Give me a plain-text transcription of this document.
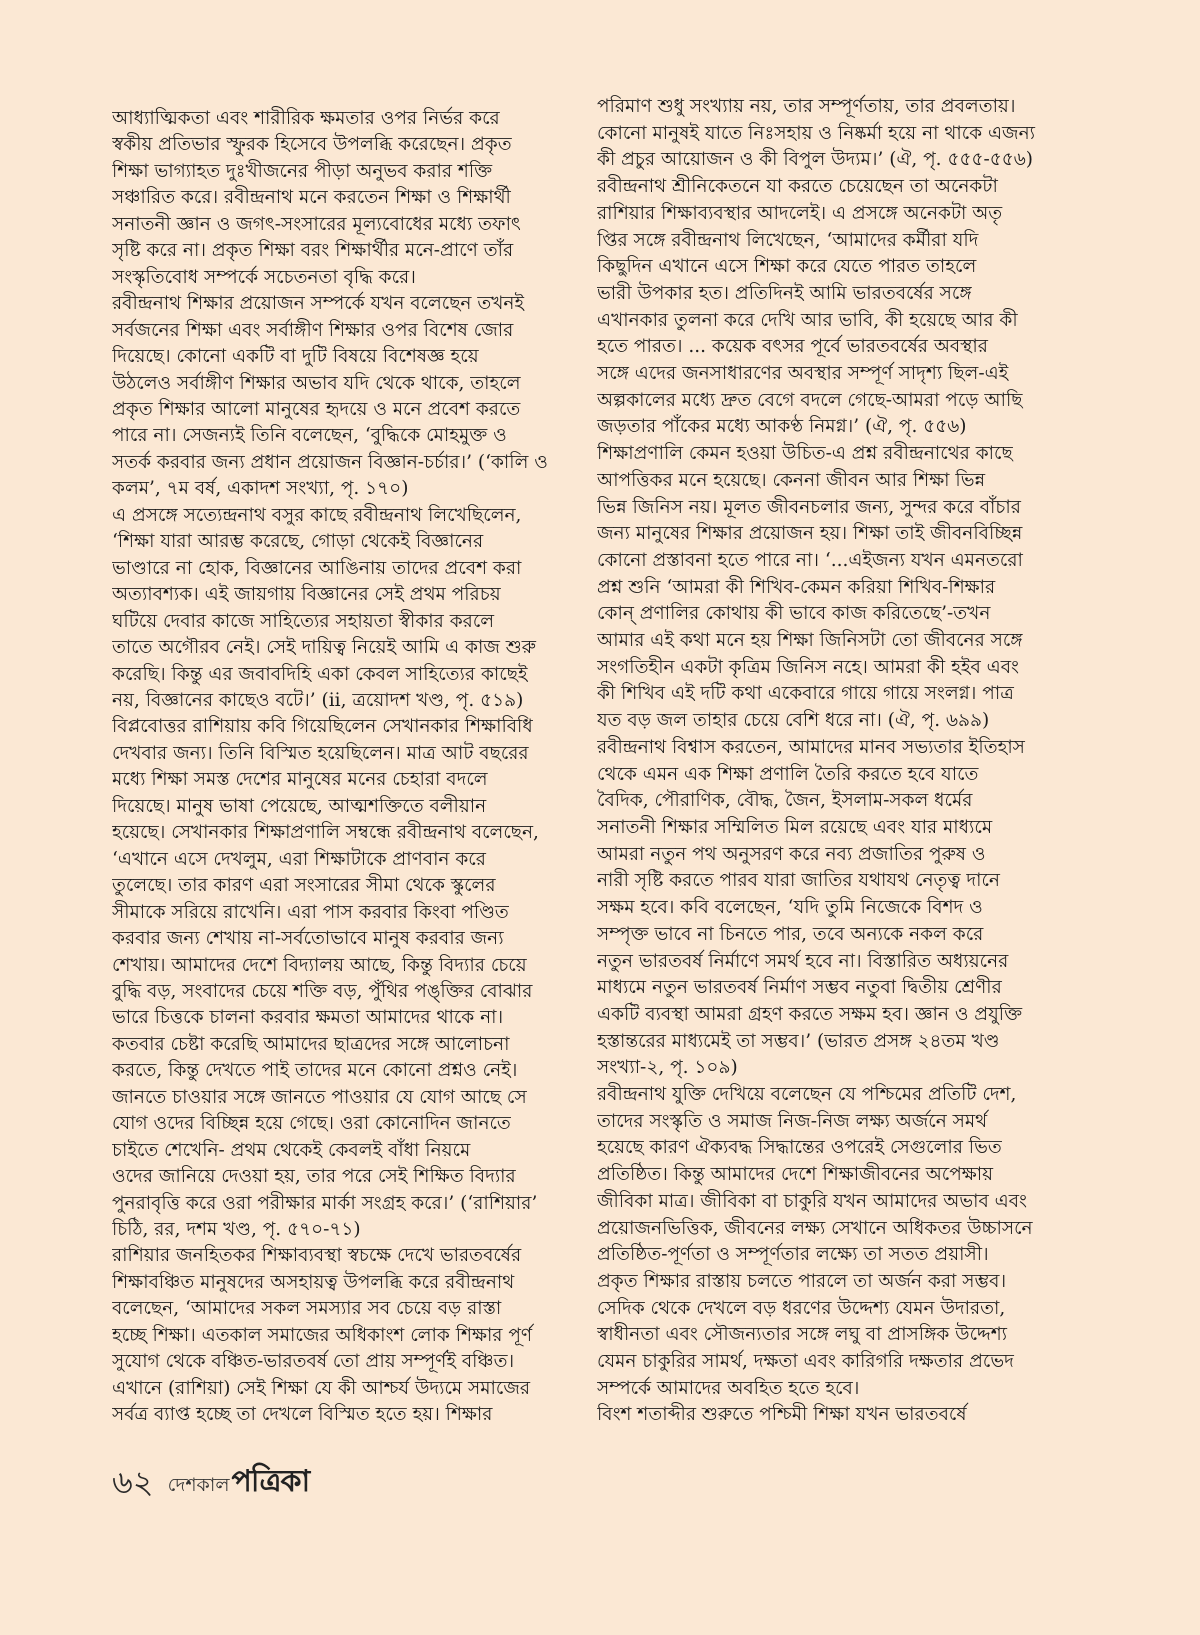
আধ্যাত্মিকতা এবং শারীরিক ক্ষমতার ওপর নির্ভর করে
স্বকীয় প্রতিভার স্ফুরক হিসেবে উপলব্ধি করেছেন। প্রকৃত
শিক্ষা ভাগ্যাহত দুঃখীজনের পীড়া অনুভব করার শক্তি
সঞ্চারিত করে। রবীন্দ্রনাথ মনে করতেন শিক্ষা ও শিক্ষার্থী
সনাতনী জ্ঞান ও জগৎ-সংসারের মূল্যবোধের মধ্যে তফাৎ
সৃষ্টি করে না। প্রকৃত শিক্ষা বরং শিক্ষার্থীর মনে-প্রাণে তাঁর
সংস্কৃতিবোধ সম্পর্কে সচেতনতা বৃদ্ধি করে।
রবীন্দ্রনাথ শিক্ষার প্রয়োজন সম্পর্কে যখন বলেছেন তখনই
সর্বজনের শিক্ষা এবং সর্বাঙ্গীণ শিক্ষার ওপর বিশেষ জোর
দিয়েছে। কোনো একটি বা দুটি বিষয়ে বিশেষজ্ঞ হয়ে
উঠলেও সর্বাঙ্গীণ শিক্ষার অভাব যদি থেকে থাকে, তাহলে
প্রকৃত শিক্ষার আলো মানুষের হৃদয়ে ও মনে প্রবেশ করতে
পারে না। সেজন্যই তিনি বলেছেন, ‘বুদ্ধিকে মোহমুক্ত ও
সতর্ক করবার জন্য প্রধান প্রয়োজন বিজ্ঞান-চর্চার।’ (‘কালি ও
কলম’, ৭ম বর্ষ, একাদশ সংখ্যা, পৃ. ১৭০)
এ প্রসঙ্গে সত্যেন্দ্রনাথ বসুর কাছে রবীন্দ্রনাথ লিখেছিলেন,
‘শিক্ষা যারা আরম্ভ করেছে, গোড়া থেকেই বিজ্ঞানের
ভাণ্ডারে না হোক, বিজ্ঞানের আঙিনায় তাদের প্রবেশ করা
অত্যাবশ্যক। এই জায়গায় বিজ্ঞানের সেই প্রথম পরিচয়
ঘটিয়ে দেবার কাজে সাহিত্যের সহায়তা স্বীকার করলে
তাতে অগৌরব নেই। সেই দায়িত্ব নিয়েই আমি এ কাজ শুরু
করেছি। কিন্তু এর জবাবদিহি একা কেবল সাহিত্যের কাছেই
নয়, বিজ্ঞানের কাছেও বটে।’ (ii, ত্রয়োদশ খণ্ড, পৃ. ৫১৯)
বিপ্লবোত্তর রাশিয়ায় কবি গিয়েছিলেন সেখানকার শিক্ষাবিধি
দেখবার জন্য। তিনি বিস্মিত হয়েছিলেন। মাত্র আট বছরের
মধ্যে শিক্ষা সমস্ত দেশের মানুষের মনের চেহারা বদলে
দিয়েছে। মানুষ ভাষা পেয়েছে, আত্মশক্তিতে বলীয়ান
হয়েছে। সেখানকার শিক্ষাপ্রণালি সম্বন্ধে রবীন্দ্রনাথ বলেছেন,
‘এখানে এসে দেখলুম, এরা শিক্ষাটাকে প্রাণবান করে
তুলেছে। তার কারণ এরা সংসারের সীমা থেকে স্কুলের
সীমাকে সরিয়ে রাখেনি। এরা পাস করবার কিংবা পণ্ডিত
করবার জন্য শেখায় না-সর্বতোভাবে মানুষ করবার জন্য
শেখায়। আমাদের দেশে বিদ্যালয় আছে, কিন্তু বিদ্যার চেয়ে
বুদ্ধি বড়, সংবাদের চেয়ে শক্তি বড়, পুঁথির পঙ্‌ক্তির বোঝার
ভারে চিত্তকে চালনা করবার ক্ষমতা আমাদের থাকে না।
কতবার চেষ্টা করেছি আমাদের ছাত্রদের সঙ্গে আলোচনা
করতে, কিন্তু দেখতে পাই তাদের মনে কোনো প্রশ্নও নেই।
জানতে চাওয়ার সঙ্গে জানতে পাওয়ার যে যোগ আছে সে
যোগ ওদের বিচ্ছিন্ন হয়ে গেছে। ওরা কোনোদিন জানতে
চাইতে শেখেনি- প্রথম থেকেই কেবলই বাঁধা নিয়মে
ওদের জানিয়ে দেওয়া হয়, তার পরে সেই শিক্ষিত বিদ্যার
পুনরাবৃত্তি করে ওরা পরীক্ষার মার্কা সংগ্রহ করে।’ (‘রাশিয়ার’
চিঠি, রর, দশম খণ্ড, পৃ. ৫৭০-৭১)
রাশিয়ার জনহিতকর শিক্ষাব্যবস্থা স্বচক্ষে দেখে ভারতবর্ষের
শিক্ষাবঞ্চিত মানুষদের অসহায়ত্ব উপলব্ধি করে রবীন্দ্রনাথ
বলেছেন, ‘আমাদের সকল সমস্যার সব চেয়ে বড় রাস্তা
হচ্ছে শিক্ষা। এতকাল সমাজের অধিকাংশ লোক শিক্ষার পূর্ণ
সুযোগ থেকে বঞ্চিত-ভারতবর্ষ তো প্রায় সম্পূর্ণই বঞ্চিত।
এখানে (রাশিয়া) সেই শিক্ষা যে কী আশ্চর্য উদ্যমে সমাজের
সর্বত্র ব্যাপ্ত হচ্ছে তা দেখলে বিস্মিত হতে হয়। শিক্ষার
পরিমাণ শুধু সংখ্যায় নয়, তার সম্পূর্ণতায়, তার প্রবলতায়।
কোনো মানুষই যাতে নিঃসহায় ও নিষ্কর্মা হয়ে না থাকে এজন্য
কী প্রচুর আয়োজন ও কী বিপুল উদ্যম।’ (ঐ, পৃ. ৫৫৫-৫৫৬)
রবীন্দ্রনাথ শ্রীনিকেতনে যা করতে চেয়েছেন তা অনেকটা
রাশিয়ার শিক্ষাব্যবস্থার আদলেই। এ প্রসঙ্গে অনেকটা অতৃ
প্তির সঙ্গে রবীন্দ্রনাথ লিখেছেন, ‘আমাদের কর্মীরা যদি
কিছুদিন এখানে এসে শিক্ষা করে যেতে পারত তাহলে
ভারী উপকার হত। প্রতিদিনই আমি ভারতবর্ষের সঙ্গে
এখানকার তুলনা করে দেখি আর ভাবি, কী হয়েছে আর কী
হতে পারত। ... কয়েক বৎসর পূর্বে ভারতবর্ষের অবস্থার
সঙ্গে এদের জনসাধারণের অবস্থার সম্পূর্ণ সাদৃশ্য ছিল-এই
অল্পকালের মধ্যে দ্রুত বেগে বদলে গেছে-আমরা পড়ে আছি
জড়তার পাঁকের মধ্যে আকণ্ঠ নিমগ্ন।’ (ঐ, পৃ. ৫৫৬)
শিক্ষাপ্রণালি কেমন হওয়া উচিত-এ প্রশ্ন রবীন্দ্রনাথের কাছে
আপত্তিকর মনে হয়েছে। কেননা জীবন আর শিক্ষা ভিন্ন
ভিন্ন জিনিস নয়। মূলত জীবনচলার জন্য, সুন্দর করে বাঁচার
জন্য মানুষের শিক্ষার প্রয়োজন হয়। শিক্ষা তাই জীবনবিচ্ছিন্ন
কোনো প্রস্তাবনা হতে পারে না। ‘...এইজন্য যখন এমনতরো
প্রশ্ন শুনি ‘আমরা কী শিখিব-কেমন করিয়া শিখিব-শিক্ষার
কোন্ প্রণালির কোথায় কী ভাবে কাজ করিতেছে’-তখন
আমার এই কথা মনে হয় শিক্ষা জিনিসটা তো জীবনের সঙ্গে
সংগতিহীন একটা কৃত্রিম জিনিস নহে। আমরা কী হইব এবং
কী শিখিব এই দটি কথা একেবারে গায়ে গায়ে সংলগ্ন। পাত্র
যত বড় জল তাহার চেয়ে বেশি ধরে না। (ঐ, পৃ. ৬৯৯)
রবীন্দ্রনাথ বিশ্বাস করতেন, আমাদের মানব সভ্যতার ইতিহাস
থেকে এমন এক শিক্ষা প্রণালি তৈরি করতে হবে যাতে
বৈদিক, পৌরাণিক, বৌদ্ধ, জৈন, ইসলাম-সকল ধর্মের
সনাতনী শিক্ষার সম্মিলিত মিল রয়েছে এবং যার মাধ্যমে
আমরা নতুন পথ অনুসরণ করে নব্য প্রজাতির পুরুষ ও
নারী সৃষ্টি করতে পারব যারা জাতির যথাযথ নেতৃত্ব দানে
সক্ষম হবে। কবি বলেছেন, ‘যদি তুমি নিজেকে বিশদ ও
সম্পৃক্ত ভাবে না চিনতে পার, তবে অন্যকে নকল করে
নতুন ভারতবর্ষ নির্মাণে সমর্থ হবে না। বিস্তারিত অধ্যয়নের
মাধ্যমে নতুন ভারতবর্ষ নির্মাণ সম্ভব নতুবা দ্বিতীয় শ্রেণীর
একটি ব্যবস্থা আমরা গ্রহণ করতে সক্ষম হব। জ্ঞান ও প্রযুক্তি
হস্তান্তরের মাধ্যমেই তা সম্ভব।’ (ভারত প্রসঙ্গ ২৪তম খণ্ড
সংখ্যা-২, পৃ. ১০৯)
রবীন্দ্রনাথ যুক্তি দেখিয়ে বলেছেন যে পশ্চিমের প্রতিটি দেশ,
তাদের সংস্কৃতি ও সমাজ নিজ-নিজ লক্ষ্য অর্জনে সমর্থ
হয়েছে কারণ ঐক্যবদ্ধ সিদ্ধান্তের ওপরেই সেগুলোর ভিত
প্রতিষ্ঠিত। কিন্তু আমাদের দেশে শিক্ষাজীবনের অপেক্ষায়
জীবিকা মাত্র। জীবিকা বা চাকুরি যখন আমাদের অভাব এবং
প্রয়োজনভিত্তিক, জীবনের লক্ষ্য সেখানে অধিকতর উচ্চাসনে
প্রতিষ্ঠিত-পূর্ণতা ও সম্পূর্ণতার লক্ষ্যে তা সতত প্রয়াসী।
প্রকৃত শিক্ষার রাস্তায় চলতে পারলে তা অর্জন করা সম্ভব।
সেদিক থেকে দেখলে বড় ধরণের উদ্দেশ্য যেমন উদারতা,
স্বাধীনতা এবং সৌজন্যতার সঙ্গে লঘু বা প্রাসঙ্গিক উদ্দেশ্য
যেমন চাকুরির সামর্থ, দক্ষতা এবং কারিগরি দক্ষতার প্রভেদ
সম্পর্কে আমাদের অবহিত হতে হবে।
বিংশ শতাব্দীর শুরুতে পশ্চিমী শিক্ষা যখন ভারতবর্ষে
৬২ দেশকাল পত্রিকা
